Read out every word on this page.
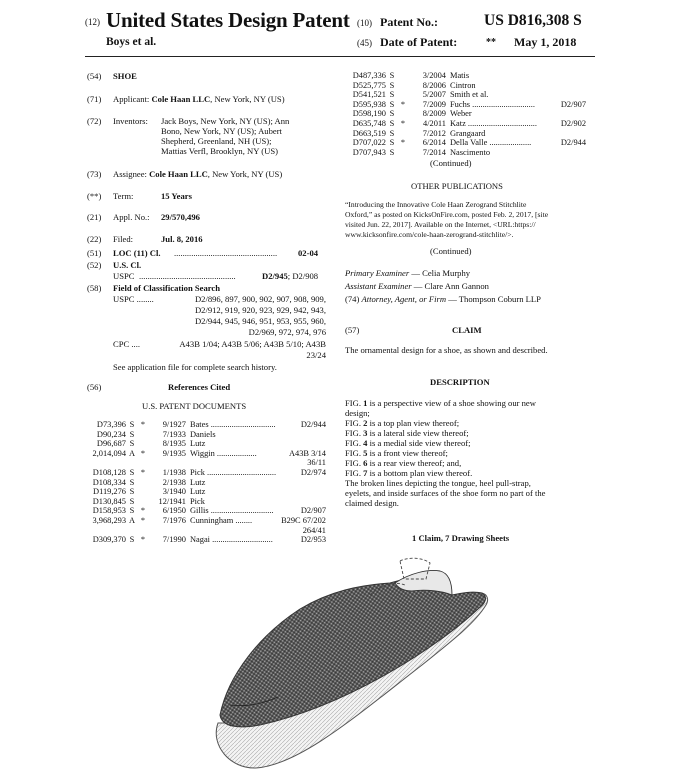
(12) United States Design Patent
Boys et al.
(10) Patent No.:	US D816,308 S
(45) Date of Patent:	** May 1, 2018
(54) SHOE
(71) Applicant: Cole Haan LLC, New York, NY (US)
(72) Inventors: Jack Boys, New York, NY (US); Ann
Bono, New York, NY (US); Aubert
Shepherd, Greenland, NH (US);
Mattias Verfl, Brooklyn, NY (US)
(73) Assignee: Cole Haan LLC, New York, NY (US)
(**) Term:	15 Years
(21) Appl. No.: 29/570,496
(22) Filed:	Jul. 8, 2016
(51) LOC (11) Cl. ................................................	02-04
(52) U.S. Cl.
USPC .............................................	D2/945; D2/908
(58) Field of Classification Search
USPC ........	D2/896, 897, 900, 902, 907, 908, 909,
D2/912, 919, 920, 923, 929, 942, 943,
D2/944, 945, 946, 951, 953, 955, 960,
D2/969, 972, 974, 976
CPC ....	A43B 1/04; A43B 5/06; A43B 5/10; A43B
23/24
See application file for complete search history.
(56)	References Cited
U.S. PATENT DOCUMENTS
D73,396 S * 9/1927 Bates ...............................	D2/944
D90,234 S	7/1933 Daniels
D96,687 S	8/1935 Lutz
2,014,094 A * 9/1935 Wiggin ...................	A43B 3/14
36/11
D108,128 S * 1/1938 Pick .................................	D2/974
D108,334 S	2/1938 Lutz
D119,276 S	3/1940 Lutz
D130,845 S	12/1941 Pick
D158,953 S * 6/1950 Gillis ..............................	D2/907
3,968,293 A * 7/1976 Cunningham ........	B29C 67/202
264/41
D309,370 S * 7/1990 Nagai .............................	D2/953
D487,336 S	3/2004 Matis
D525,775 S	8/2006 Cintron
D541,521 S	5/2007 Smith et al.
D595,938 S * 7/2009 Fuchs ..............................	D2/907
D598,190 S	8/2009 Weber
D635,748 S * 4/2011 Katz .................................	D2/902
D663,519 S	7/2012 Grangaard
D707,022 S * 6/2014 Della Valle ....................	D2/944
D707,943 S	7/2014 Nascimento
(Continued)
OTHER PUBLICATIONS
“Introducing the Innovative Cole Haan Zerogrand Stitchlite
Oxford,” as posted on KicksOnFire.com, posted Feb. 2, 2017, [site
visited Jun. 22, 2017]. Available on the Internet, <URL:https://
www.kicksonfire.com/cole-haan-zerogrand-stitchlite/>.
(Continued)
Primary Examiner — Celia Murphy
Assistant Examiner — Clare Ann Gannon
(74) Attorney, Agent, or Firm — Thompson Coburn LLP
(57)	CLAIM
The ornamental design for a shoe, as shown and described.
DESCRIPTION
FIG. 1 is a perspective view of a shoe showing our new
design;
FIG. 2 is a top plan view thereof;
FIG. 3 is a lateral side view thereof;
FIG. 4 is a medial side view thereof;
FIG. 5 is a front view thereof;
FIG. 6 is a rear view thereof; and,
FIG. 7 is a bottom plan view thereof.
The broken lines depicting the tongue, heel pull-strap,
eyelets, and inside surfaces of the shoe form no part of the
claimed design.
1 Claim, 7 Drawing Sheets
